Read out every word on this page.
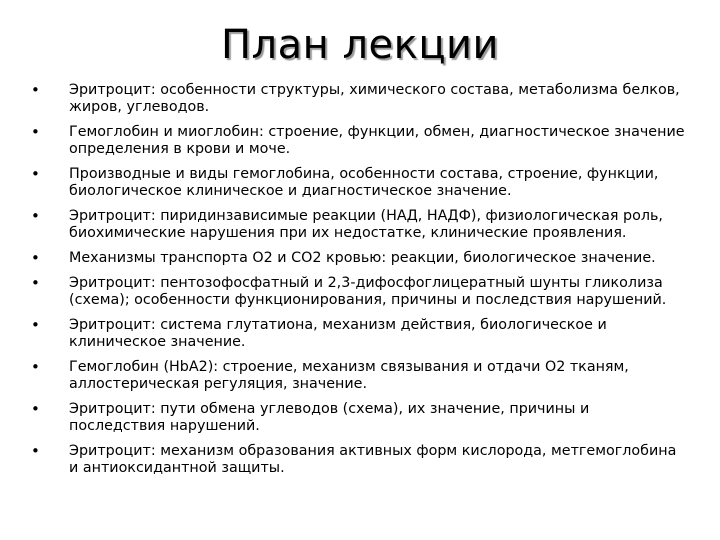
План лекции
• Эритроцит: особенности структуры, химического состава, метаболизма белков, жиров, углеводов.
• Гемоглобин и миоглобин: строение, функции, обмен, диагностическое значение определения в крови и моче.
• Производные и виды гемоглобина, особенности состава, строение, функции, биологическое клиническое и диагностическое значение.
• Эритроцит: пиридинзависимые реакции (НАД, НАДФ), физиологическая роль, биохимические нарушения при их недостатке, клинические проявления.
• Механизмы транспорта О2 и СО2 кровью: реакции, биологическое значение.
• Эритроцит: пентозофосфатный и 2,3-дифосфоглицератный шунты гликолиза (схема); особенности функционирования, причины и последствия нарушений.
• Эритроцит: система глутатиона, механизм действия, биологическое и клиническое значение.
• Гемоглобин (HbA2): строение, механизм связывания и отдачи О2 тканям, аллостерическая регуляция, значение.
• Эритроцит: пути обмена углеводов (схема), их значение, причины и последствия нарушений.
• Эритроцит: механизм образования активных форм кислорода, метгемоглобина и антиоксидантной защиты.
